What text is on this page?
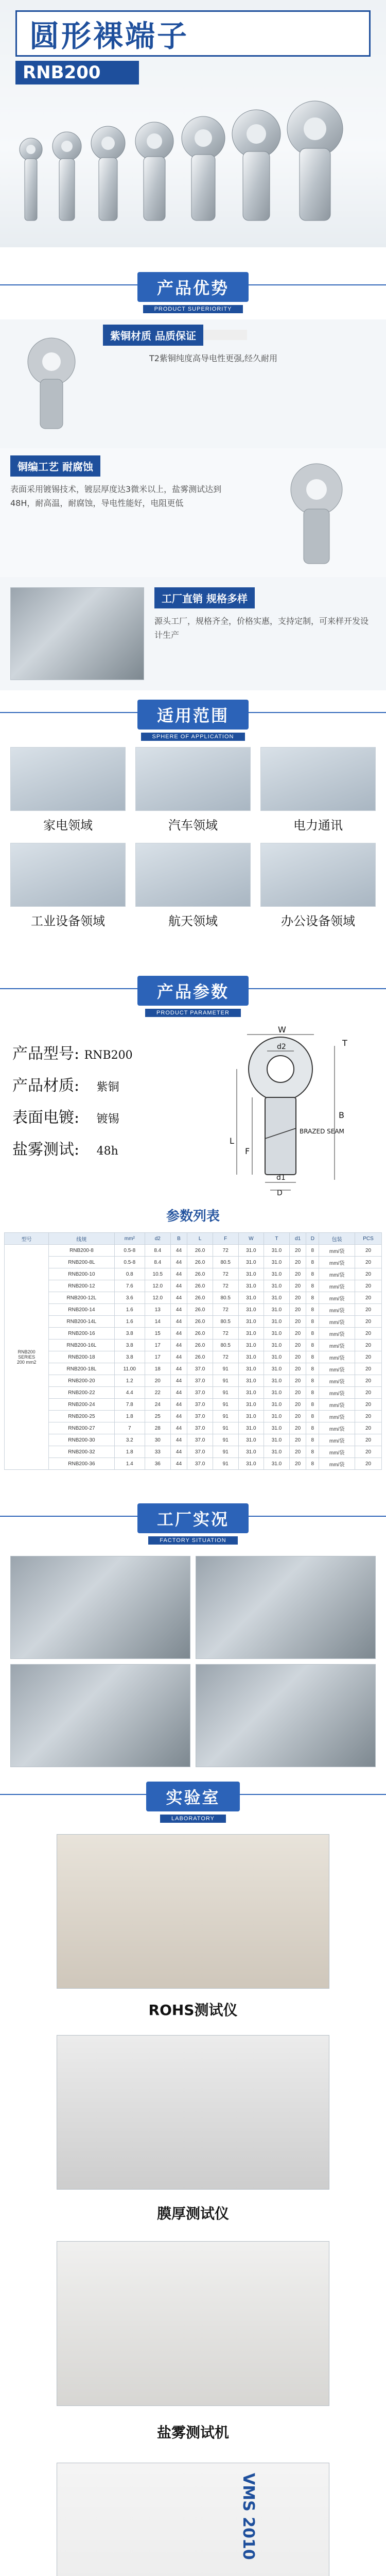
圆形裸端子
RNB200
产品优势
PRODUCT SUPERIORITY
紫铜材质 品质保证
T2紫铜纯度高导电性更强,经久耐用
铜编工艺 耐腐蚀
表面采用镀锡技术，镀层厚度达3微米以上，盐雾测试达到48H，耐高温，耐腐蚀，导电性能好，电阻更低
工厂直销 规格多样
源头工厂，规格齐全，价格实惠，支持定制，可来样开发设计生产
适用范围
SPHERE OF APPLICATION
家电领域	汽车领域	电力通讯
工业设备领域	航天领域	办公设备领域
产品参数
PRODUCT PARAMETER
产品型号: RNB200
产品材质: 紫铜
表面电镀: 镀锡
盐雾测试: 48h
W
d2	T
L
F
B
BRAZED SEAM
d1
D
参数列表
型号	线规	mm²	d2	B	L	F	W	T	d1	D	包装	PCS
RNB200
SERIES
200 mm2	RNB200-8	0.5-8	8.4	44	26.0	72	31.0	31.0	20	8	mm/袋	20
	RNB200-8L	0.5-8	8.4	44	26.0	80.5	31.0	31.0	20	8	mm/袋	20
	RNB200-10	0.8	10.5	44	26.0	72	31.0	31.0	20	8	mm/袋	20
	RNB200-12	7.6	12.0	44	26.0	72	31.0	31.0	20	8	mm/袋	20
	RNB200-12L	3.6	12.0	44	26.0	80.5	31.0	31.0	20	8	mm/袋	20
	RNB200-14	1.6	13	44	26.0	72	31.0	31.0	20	8	mm/袋	20
	RNB200-14L	1.6	14	44	26.0	80.5	31.0	31.0	20	8	mm/袋	20
	RNB200-16	3.8	15	44	26.0	72	31.0	31.0	20	8	mm/袋	20
	RNB200-16L	3.8	17	44	26.0	80.5	31.0	31.0	20	8	mm/袋	20
	RNB200-18	3.8	17	44	26.0	72	31.0	31.0	20	8	mm/袋	20
	RNB200-18L	11.00	18	44	37.0	91	31.0	31.0	20	8	mm/袋	20
	RNB200-20	1.2	20	44	37.0	91	31.0	31.0	20	8	mm/袋	20
	RNB200-22	4.4	22	44	37.0	91	31.0	31.0	20	8	mm/袋	20
	RNB200-24	7.8	24	44	37.0	91	31.0	31.0	20	8	mm/袋	20
	RNB200-25	1.8	25	44	37.0	91	31.0	31.0	20	8	mm/袋	20
	RNB200-27	7	28	44	37.0	91	31.0	31.0	20	8	mm/袋	20
	RNB200-30	3.2	30	44	37.0	91	31.0	31.0	20	8	mm/袋	20
	RNB200-32	1.8	33	44	37.0	91	31.0	31.0	20	8	mm/袋	20
	RNB200-36	1.4	36	44	37.0	91	31.0	31.0	20	8	mm/袋	20
工厂实况
FACTORY SITUATION
实验室
LABORATORY
ROHS测试仪
膜厚测试仪
盐雾测试机
VMS 2010
